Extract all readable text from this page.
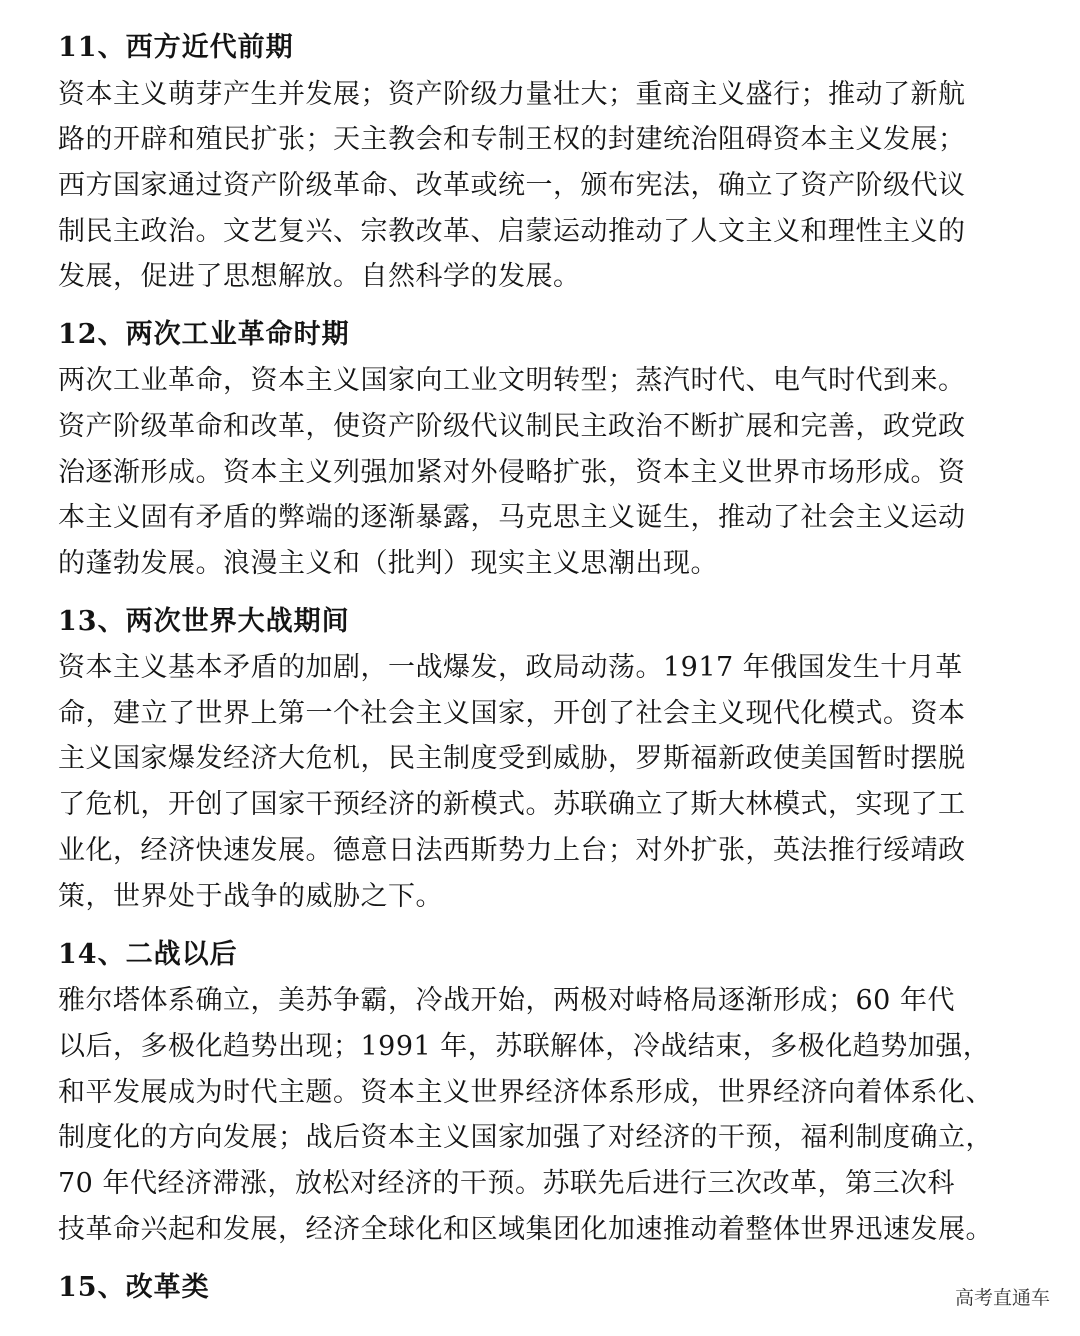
11、西方近代前期
资本主义萌芽产生并发展；资产阶级力量壮大；重商主义盛行；推动了新航
路的开辟和殖民扩张；天主教会和专制王权的封建统治阻碍资本主义发展；
西方国家通过资产阶级革命、改革或统一，颁布宪法，确立了资产阶级代议
制民主政治。文艺复兴、宗教改革、启蒙运动推动了人文主义和理性主义的
发展，促进了思想解放。自然科学的发展。
12、两次工业革命时期
两次工业革命，资本主义国家向工业文明转型；蒸汽时代、电气时代到来。
资产阶级革命和改革，使资产阶级代议制民主政治不断扩展和完善，政党政
治逐渐形成。资本主义列强加紧对外侵略扩张，资本主义世界市场形成。资
本主义固有矛盾的弊端的逐渐暴露，马克思主义诞生，推动了社会主义运动
的蓬勃发展。浪漫主义和（批判）现实主义思潮出现。
13、两次世界大战期间
资本主义基本矛盾的加剧，一战爆发，政局动荡。1917 年俄国发生十月革
命，建立了世界上第一个社会主义国家，开创了社会主义现代化模式。资本
主义国家爆发经济大危机，民主制度受到威胁，罗斯福新政使美国暂时摆脱
了危机，开创了国家干预经济的新模式。苏联确立了斯大林模式，实现了工
业化，经济快速发展。德意日法西斯势力上台；对外扩张，英法推行绥靖政
策，世界处于战争的威胁之下。
14、二战以后
雅尔塔体系确立，美苏争霸，冷战开始，两极对峙格局逐渐形成；60 年代
以后，多极化趋势出现；1991 年，苏联解体，冷战结束，多极化趋势加强，
和平发展成为时代主题。资本主义世界经济体系形成，世界经济向着体系化、
制度化的方向发展；战后资本主义国家加强了对经济的干预，福利制度确立，
70 年代经济滞涨，放松对经济的干预。苏联先后进行三次改革，第三次科
技革命兴起和发展，经济全球化和区域集团化加速推动着整体世界迅速发展。
15、改革类	高考直通车
